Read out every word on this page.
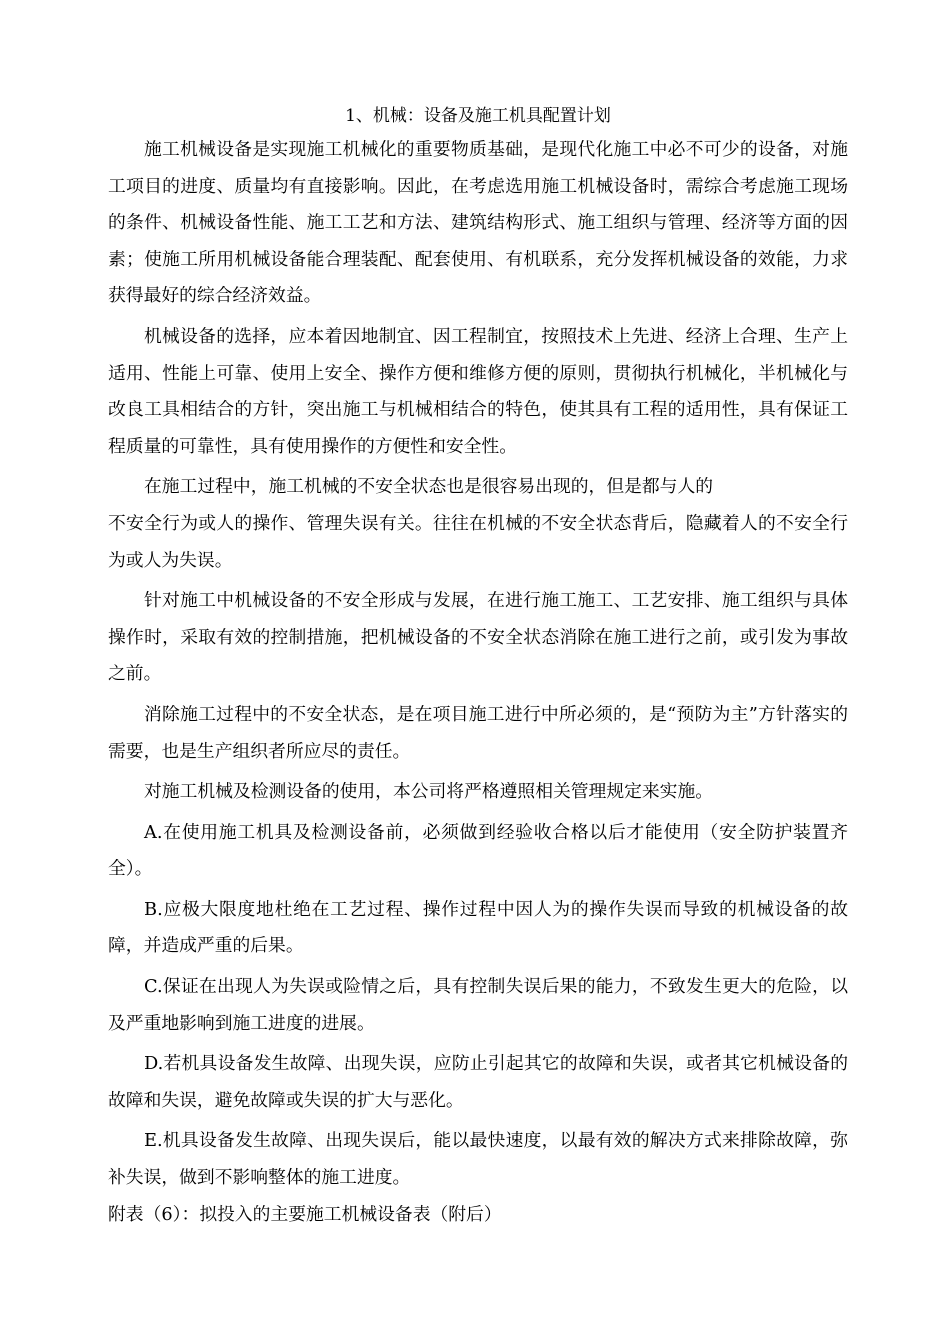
1、机械：设备及施工机具配置计划

施工机械设备是实现施工机械化的重要物质基础，是现代化施工中必不可少的设备，对施工项目的进度、质量均有直接影响。因此，在考虑选用施工机械设备时，需综合考虑施工现场的条件、机械设备性能、施工工艺和方法、建筑结构形式、施工组织与管理、经济等方面的因素；使施工所用机械设备能合理装配、配套使用、有机联系，充分发挥机械设备的效能，力求获得最好的综合经济效益。

机械设备的选择，应本着因地制宜、因工程制宜，按照技术上先进、经济上合理、生产上适用、性能上可靠、使用上安全、操作方便和维修方便的原则，贯彻执行机械化，半机械化与改良工具相结合的方针，突出施工与机械相结合的特色，使其具有工程的适用性，具有保证工程质量的可靠性，具有使用操作的方便性和安全性。

在施工过程中，施工机械的不安全状态也是很容易出现的，但是都与人的

不安全行为或人的操作、管理失误有关。往往在机械的不安全状态背后，隐藏着人的不安全行为或人为失误。

针对施工中机械设备的不安全形成与发展，在进行施工施工、工艺安排、施工组织与具体操作时，采取有效的控制措施，把机械设备的不安全状态消除在施工进行之前，或引发为事故之前。

消除施工过程中的不安全状态，是在项目施工进行中所必须的，是“预防为主”方针落实的需要，也是生产组织者所应尽的责任。

对施工机械及检测设备的使用，本公司将严格遵照相关管理规定来实施。

A.在使用施工机具及检测设备前，必须做到经验收合格以后才能使用（安全防护装置齐全）。

B.应极大限度地杜绝在工艺过程、操作过程中因人为的操作失误而导致的机械设备的故障，并造成严重的后果。

C.保证在出现人为失误或险情之后，具有控制失误后果的能力，不致发生更大的危险，以及严重地影响到施工进度的进展。

D.若机具设备发生故障、出现失误，应防止引起其它的故障和失误，或者其它机械设备的故障和失误，避免故障或失误的扩大与恶化。

E.机具设备发生故障、出现失误后，能以最快速度，以最有效的解决方式来排除故障，弥补失误，做到不影响整体的施工进度。

附表（6）：拟投入的主要施工机械设备表（附后）
